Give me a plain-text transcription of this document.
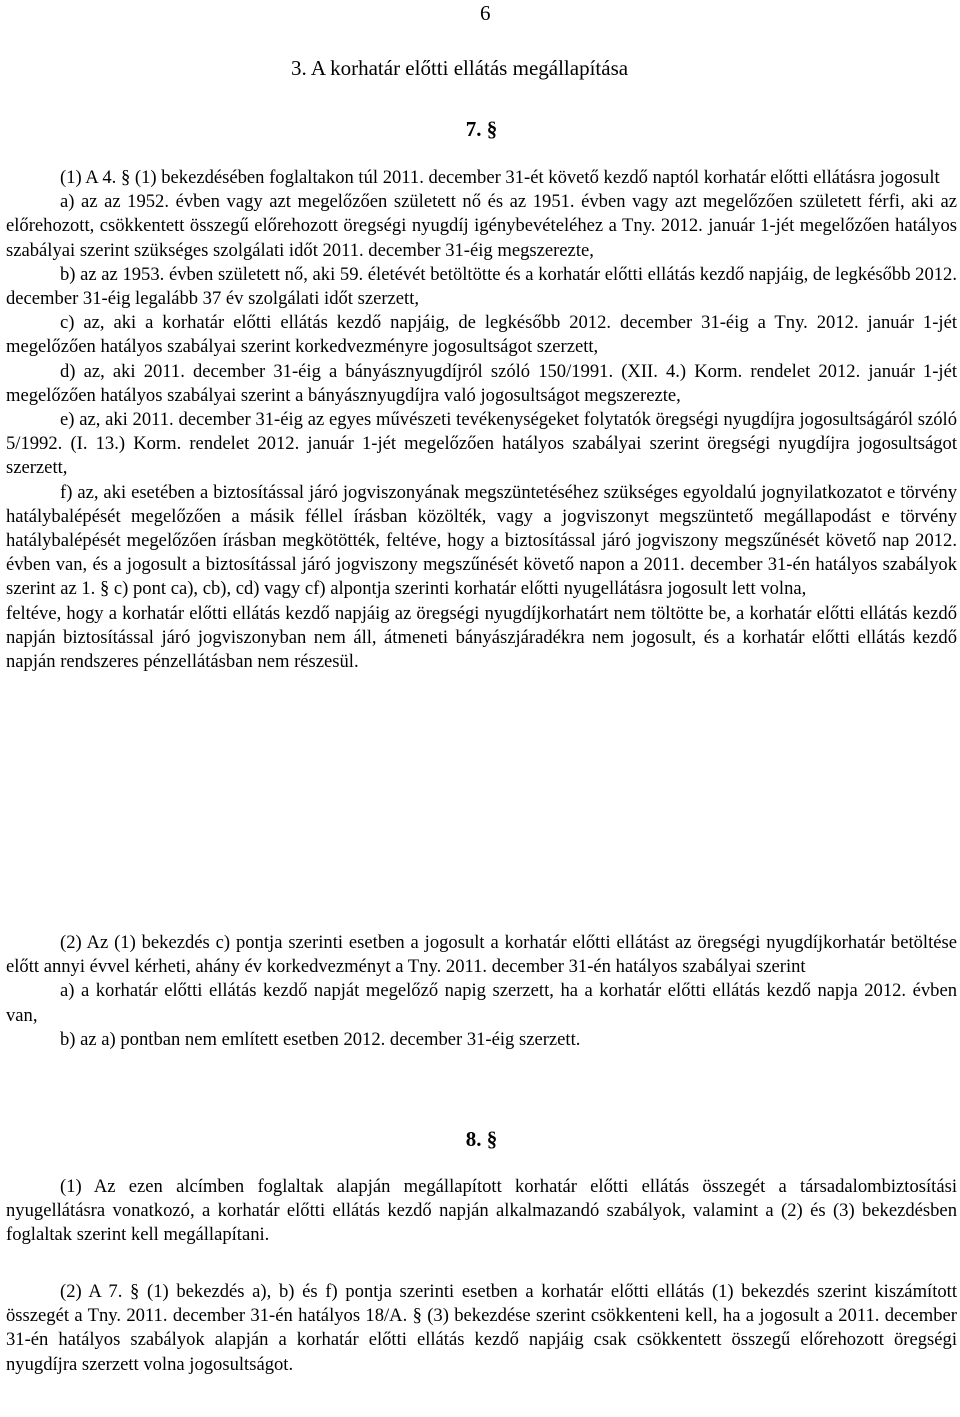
6
3. A korhatár előtti ellátás megállapítása
7. §

(1) A 4. § (1) bekezdésében foglaltakon túl 2011. december 31-ét követő kezdő naptól korhatár előtti ellátásra jogosult

a) az az 1952. évben vagy azt megelőzően született nő és az 1951. évben vagy azt megelőzően született férfi, aki az előrehozott, csökkentett összegű előrehozott öregségi nyugdíj igénybevételéhez a Tny. 2012. január 1-jét megelőzően hatályos szabályai szerint szükséges szolgálati időt 2011. december 31-éig megszerezte,

b) az az 1953. évben született nő, aki 59. életévét betöltötte és a korhatár előtti ellátás kezdő napjáig, de legkésőbb 2012. december 31-éig legalább 37 év szolgálati időt szerzett,

c) az, aki a korhatár előtti ellátás kezdő napjáig, de legkésőbb 2012. december 31-éig a Tny. 2012. január 1-jét megelőzően hatályos szabályai szerint korkedvezményre jogosultságot szerzett,

d) az, aki 2011. december 31-éig a bányásznyugdíjról szóló 150/1991. (XII. 4.) Korm. rendelet 2012. január 1-jét megelőzően hatályos szabályai szerint a bányásznyugdíjra való jogosultságot megszerezte,

e) az, aki 2011. december 31-éig az egyes művészeti tevékenységeket folytatók öregségi nyugdíjra jogosultságáról szóló 5/1992. (I. 13.) Korm. rendelet 2012. január 1-jét megelőzően hatályos szabályai szerint öregségi nyugdíjra jogosultságot szerzett,

f) az, aki esetében a biztosítással járó jogviszonyának megszüntetéséhez szükséges egyoldalú jognyilatkozatot e törvény hatálybalépését megelőzően a másik féllel írásban közölték, vagy a jogviszonyt megszüntető megállapodást e törvény hatálybalépését megelőzően írásban megkötötték, feltéve, hogy a biztosítással járó jogviszony megszűnését követő nap 2012. évben van, és a jogosult a biztosítással járó jogviszony megszűnését követő napon a 2011. december 31-én hatályos szabályok szerint az 1. § c) pont ca), cb), cd) vagy cf) alpontja szerinti korhatár előtti nyugellátásra jogosult lett volna,

feltéve, hogy a korhatár előtti ellátás kezdő napjáig az öregségi nyugdíjkorhatárt nem töltötte be, a korhatár előtti ellátás kezdő napján biztosítással járó jogviszonyban nem áll, átmeneti bányászjáradékra nem jogosult, és a korhatár előtti ellátás kezdő napján rendszeres pénzellátásban nem részesül.

(2) Az (1) bekezdés c) pontja szerinti esetben a jogosult a korhatár előtti ellátást az öregségi nyugdíjkorhatár betöltése előtt annyi évvel kérheti, ahány év korkedvezményt a Tny. 2011. december 31-én hatályos szabályai szerint

a) a korhatár előtti ellátás kezdő napját megelőző napig szerzett, ha a korhatár előtti ellátás kezdő napja 2012. évben van,

b) az a) pontban nem említett esetben 2012. december 31-éig szerzett.

8. §

(1) Az ezen alcímben foglaltak alapján megállapított korhatár előtti ellátás összegét a társadalombiztosítási nyugellátásra vonatkozó, a korhatár előtti ellátás kezdő napján alkalmazandó szabályok, valamint a (2) és (3) bekezdésben foglaltak szerint kell megállapítani.

(2) A 7. § (1) bekezdés a), b) és f) pontja szerinti esetben a korhatár előtti ellátás (1) bekezdés szerint kiszámított összegét a Tny. 2011. december 31-én hatályos 18/A. § (3) bekezdése szerint csökkenteni kell, ha a jogosult a 2011. december 31-én hatályos szabályok alapján a korhatár előtti ellátás kezdő napjáig csak csökkentett összegű előrehozott öregségi nyugdíjra szerzett volna jogosultságot.
